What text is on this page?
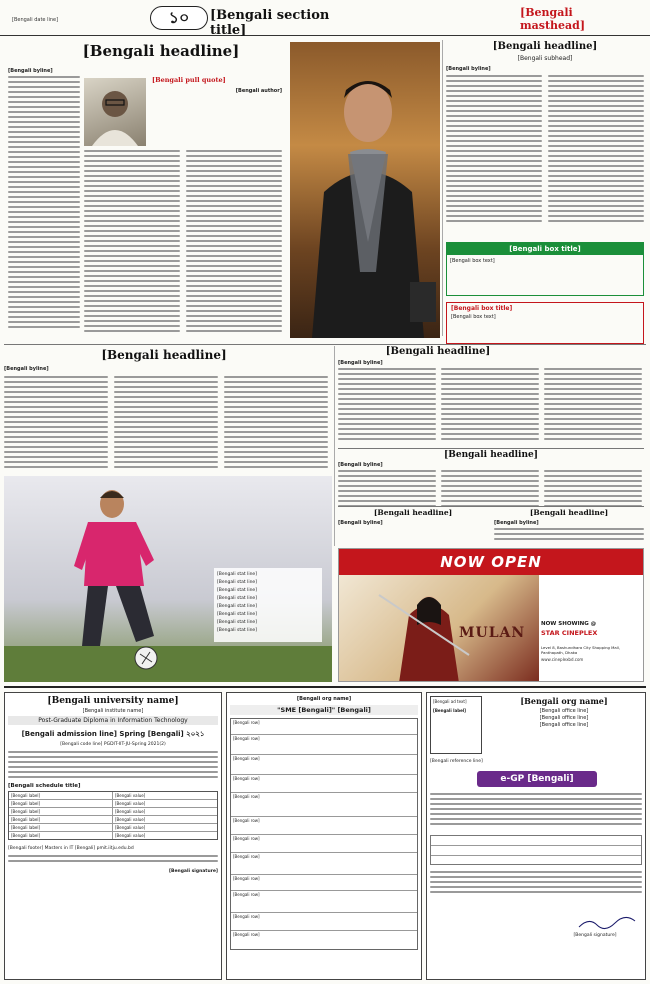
[Bengali date line]	১০ [Bengali section title]
[Bengali masthead]
[Bengali headline]
[Bengali byline]
[Bengali pull quote]
[Bengali author]
[Bengali headline]
[Bengali subhead]
[Bengali byline]
[Bengali box title]
[Bengali box text]
[Bengali box title]
[Bengali box text]
[Bengali headline]
[Bengali byline]
[Bengali stat line]
[Bengali stat line]
[Bengali stat line]
[Bengali stat line]
[Bengali stat line]
[Bengali stat line]
[Bengali stat line]
[Bengali stat line]
[Bengali headline]
[Bengali byline]
[Bengali headline]
[Bengali byline]
[Bengali headline]
[Bengali byline]
[Bengali headline]
[Bengali byline]
NOW OPEN
MULAN
NOW SHOWING @
STAR CINEPLEX
Level 8, Bashundhara City Shopping Mall, Panthapath, Dhaka
www.cineplexbd.com
[Bengali university name]
[Bengali institute name]
Post-Graduate Diploma in Information Technology
[Bengali admission line] Spring [Bengali] ২০২১
[Bengali code line] PGDIT-IIT-JU-Spring 2021(2)
[Bengali schedule title]
[Bengali label]	[Bengali value]
[Bengali label]	[Bengali value]
[Bengali label]	[Bengali value]
[Bengali label]	[Bengali value]
[Bengali label]	[Bengali value]
[Bengali label]	[Bengali value]
[Bengali footer] Masters in IT [Bengali] pmit.iitju.edu.bd
[Bengali signature]
[Bengali org name]
"SME [Bengali]" [Bengali]
[Bengali row]
[Bengali row]
[Bengali row]
[Bengali row]
[Bengali row]
[Bengali row]
[Bengali row]
[Bengali row]
[Bengali row]
[Bengali row]
[Bengali row]
[Bengali row]
[Bengali ad text]
[Bengali label]
[Bengali org name]
[Bengali office line]
[Bengali office line]
[Bengali office line]
[Bengali reference line]
e-GP [Bengali]
[Bengali signature]
